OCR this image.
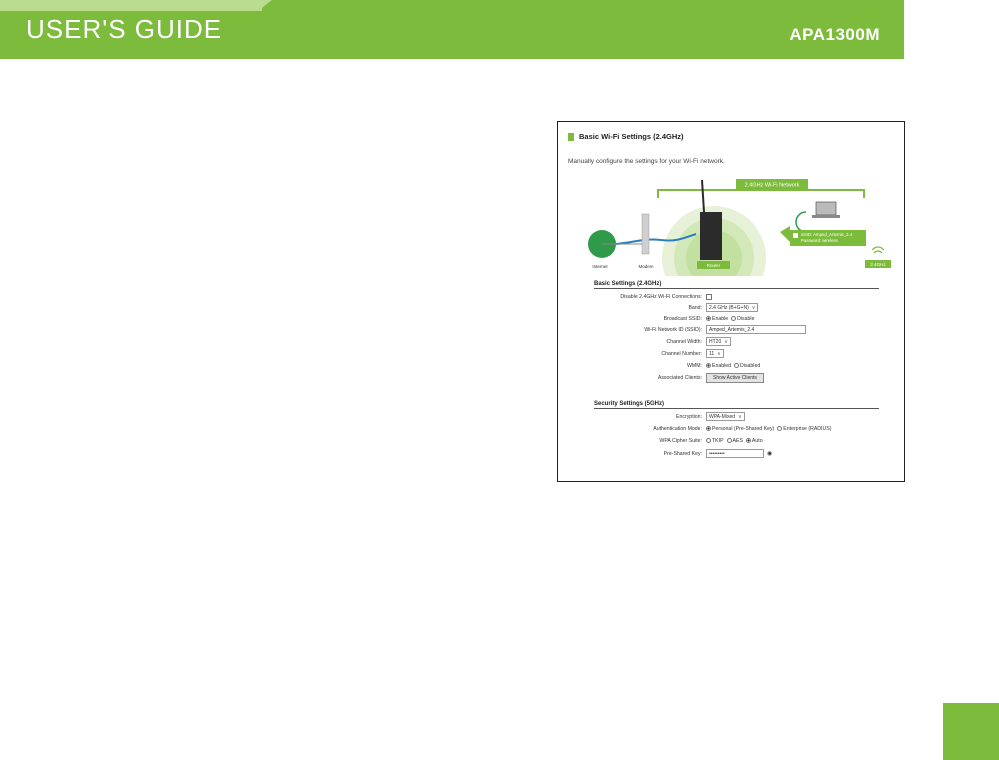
USER'S GUIDE	APA1300M
Basic Wi-Fi Settings (2.4GHz)
Manually configure the settings for your Wi-Fi network.
2.4GHz Wi-Fi Network
Internet	Modem	Router
SSID: Amped_Artemis_2.4
Password: wireless
2.4GHz
Basic Settings (2.4GHz)
Disable 2.4GHz Wi-Fi Connections:
Band:	2.4 GHz (B+G+N) ∨
Broadcast SSID:	Enable Disable
Wi-Fi Network ID (SSID):	Amped_Artemis_2.4
Channel Width:	HT20 ∨
Channel Number:	11 ∨
WMM:	Enabled Disabled
Associated Clients:	Show Active Clients
Security Settings (5GHz)
Encryption:	WPA-Mixed ∨
Authentication Mode:	Personal (Pre-Shared Key) Enterprise (RADIUS)
WPA Cipher Suite:	TKIP AES Auto
Pre-Shared Key:	•••••••••	◉
